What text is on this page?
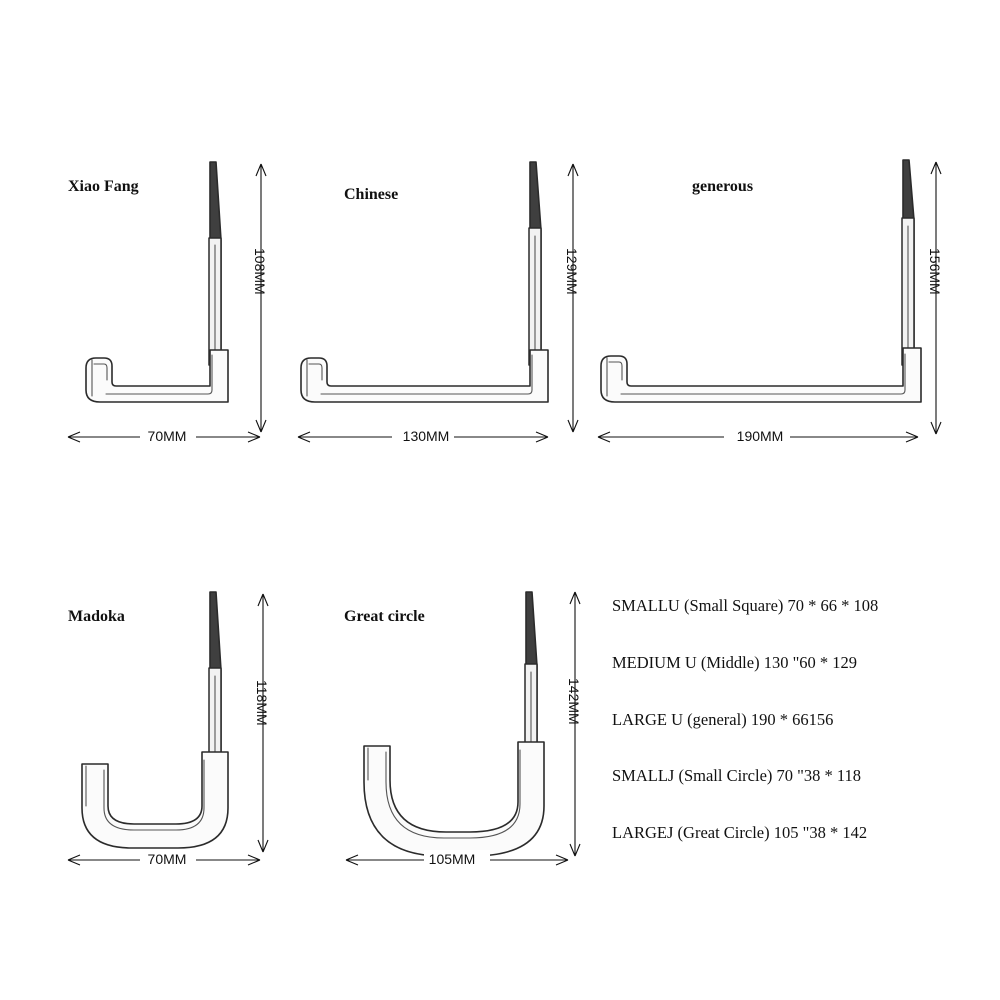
Xiao Fang
108MM
70MM
Chinese
129MM
130MM
generous
156MM
190MM
Madoka
118MM
70MM
Great circle
142MM
105MM
SMALLU (Small Square) 70 * 66 * 108
MEDIUM U (Middle) 130 "60 * 129
LARGE U (general) 190 * 66156
SMALLJ (Small Circle) 70 "38 * 118
LARGEJ (Great Circle) 105 "38 * 142
